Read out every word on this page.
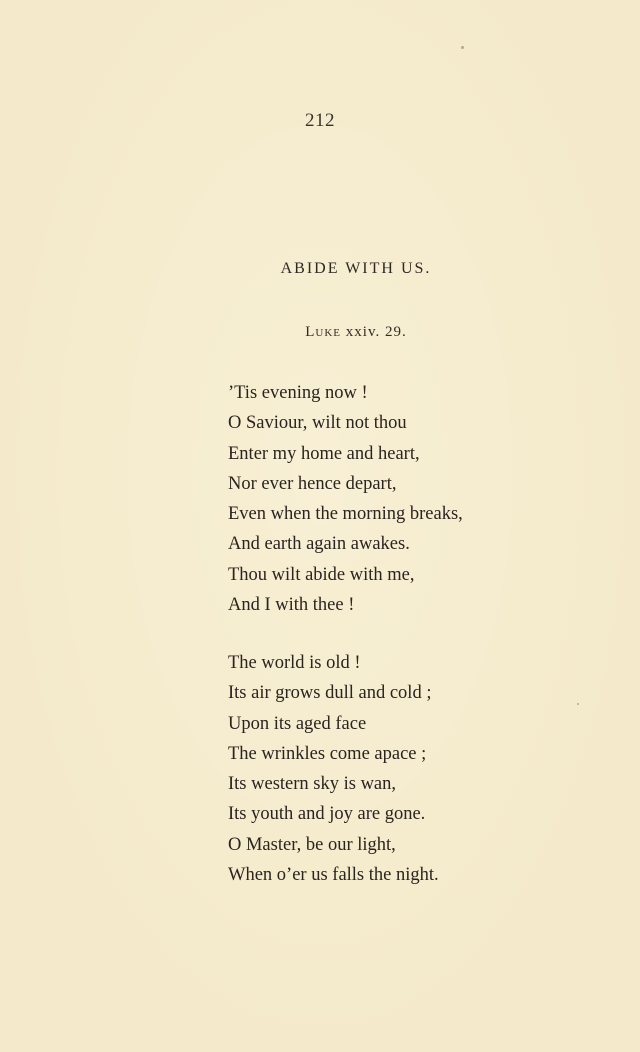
212
ABIDE WITH US.
Luke xxiv. 29.
’Tis evening now !
O Saviour, wilt not thou
Enter my home and heart,
Nor ever hence depart,
Even when the morning breaks,
And earth again awakes.
Thou wilt abide with me,
And I with thee !
The world is old !
Its air grows dull and cold ;
Upon its aged face
The wrinkles come apace ;
Its western sky is wan,
Its youth and joy are gone.
O Master, be our light,
When o’er us falls the night.
